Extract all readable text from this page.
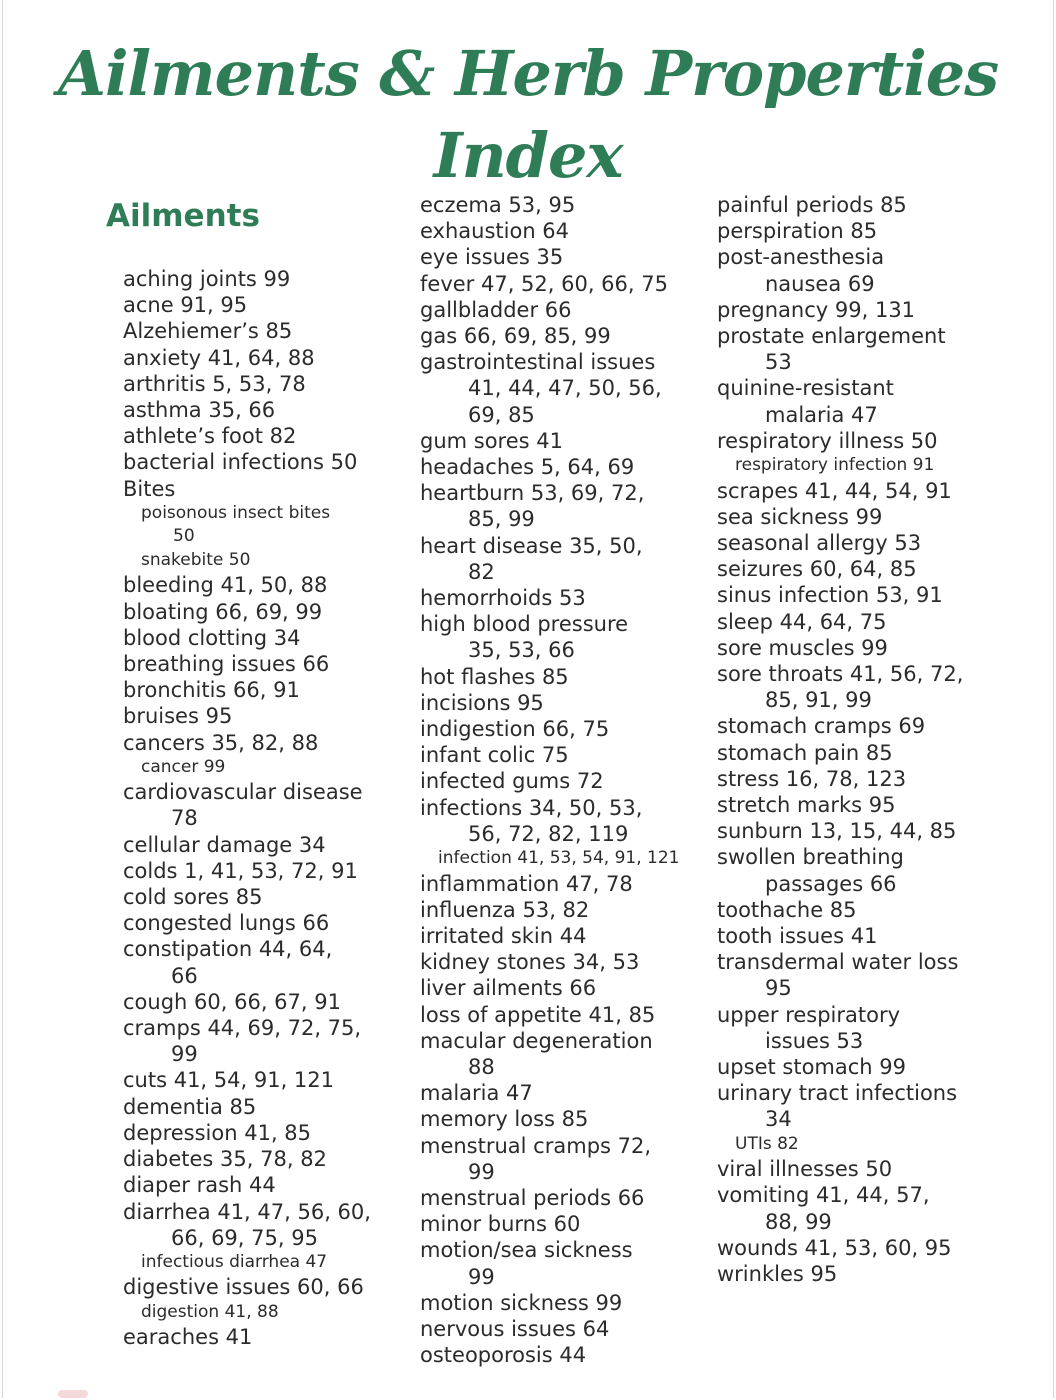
Ailments & Herb Properties
Index
Ailments
aching joints 99
acne 91, 95
Alzehiemer’s 85
anxiety 41, 64, 88
arthritis 5, 53, 78
asthma 35, 66
athlete’s foot 82
bacterial infections 50
Bites
poisonous insect bites
50
snakebite 50
bleeding 41, 50, 88
bloating 66, 69, 99
blood clotting 34
breathing issues 66
bronchitis 66, 91
bruises 95
cancers 35, 82, 88
cancer 99
cardiovascular disease
78
cellular damage 34
colds 1, 41, 53, 72, 91
cold sores 85
congested lungs 66
constipation 44, 64,
66
cough 60, 66, 67, 91
cramps 44, 69, 72, 75,
99
cuts 41, 54, 91, 121
dementia 85
depression 41, 85
diabetes 35, 78, 82
diaper rash 44
diarrhea 41, 47, 56, 60,
66, 69, 75, 95
infectious diarrhea 47
digestive issues 60, 66
digestion 41, 88
earaches 41
eczema 53, 95
exhaustion 64
eye issues 35
fever 47, 52, 60, 66, 75
gallbladder 66
gas 66, 69, 85, 99
gastrointestinal issues
41, 44, 47, 50, 56,
69, 85
gum sores 41
headaches 5, 64, 69
heartburn 53, 69, 72,
85, 99
heart disease 35, 50,
82
hemorrhoids 53
high blood pressure
35, 53, 66
hot flashes 85
incisions 95
indigestion 66, 75
infant colic 75
infected gums 72
infections 34, 50, 53,
56, 72, 82, 119
infection 41, 53, 54, 91, 121
inflammation 47, 78
influenza 53, 82
irritated skin 44
kidney stones 34, 53
liver ailments 66
loss of appetite 41, 85
macular degeneration
88
malaria 47
memory loss 85
menstrual cramps 72,
99
menstrual periods 66
minor burns 60
motion/sea sickness
99
motion sickness 99
nervous issues 64
osteoporosis 44
painful periods 85
perspiration 85
post-anesthesia
nausea 69
pregnancy 99, 131
prostate enlargement
53
quinine-resistant
malaria 47
respiratory illness 50
respiratory infection 91
scrapes 41, 44, 54, 91
sea sickness 99
seasonal allergy 53
seizures 60, 64, 85
sinus infection 53, 91
sleep 44, 64, 75
sore muscles 99
sore throats 41, 56, 72,
85, 91, 99
stomach cramps 69
stomach pain 85
stress 16, 78, 123
stretch marks 95
sunburn 13, 15, 44, 85
swollen breathing
passages 66
toothache 85
tooth issues 41
transdermal water loss
95
upper respiratory
issues 53
upset stomach 99
urinary tract infections
34
UTIs 82
viral illnesses 50
vomiting 41, 44, 57,
88, 99
wounds 41, 53, 60, 95
wrinkles 95
